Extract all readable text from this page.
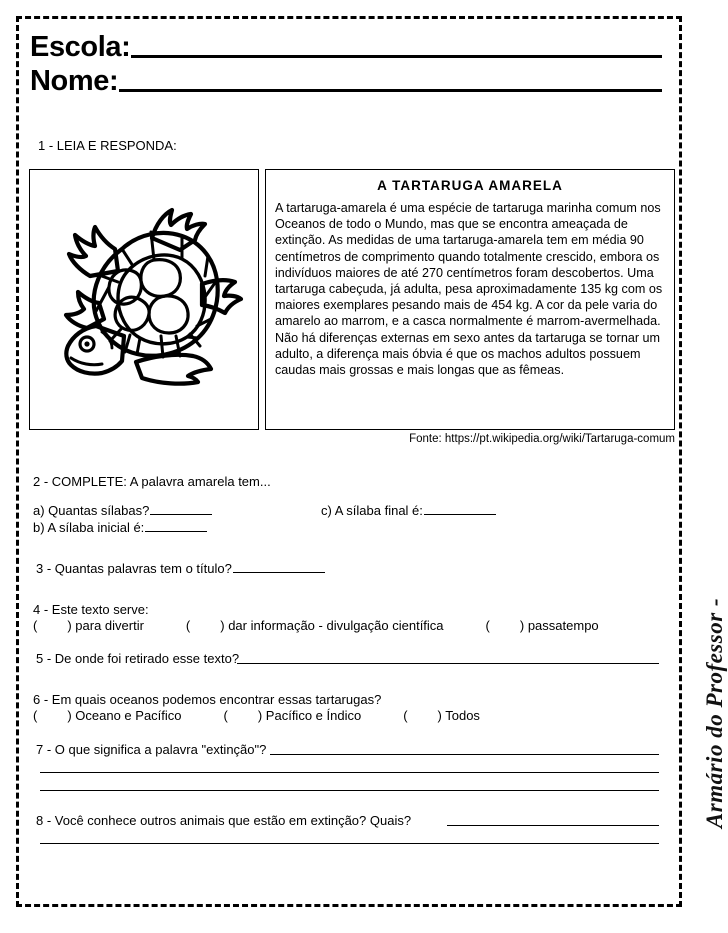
Escola:
Nome:
1 - LEIA E RESPONDA:
A TARTARUGA AMARELA
A tartaruga-amarela é uma espécie de tartaruga marinha comum nos Oceanos de todo o Mundo, mas que se encontra ameaçada de extinção. As medidas de uma tartaruga-amarela tem em média 90 centímetros de comprimento quando totalmente crescido, embora os indivíduos maiores de até 270 centímetros foram descobertos. Uma tartaruga cabeçuda, já adulta, pesa aproximadamente 135 kg com os maiores exemplares pesando mais de 454 kg. A cor da pele varia do amarelo ao marrom, e a casca normalmente é marrom-avermelhada. Não há diferenças externas em sexo antes da tartaruga se tornar um adulto, a diferença mais óbvia é que os machos adultos possuem caudas mais grossas e mais longas que as fêmeas.
Fonte: https://pt.wikipedia.org/wiki/Tartaruga-comum
2 - COMPLETE: A palavra amarela tem...
a) Quantas sílabas?	c) A sílaba final é:
b) A sílaba inicial é:
3 - Quantas palavras tem o título?
4 - Este texto serve:
( ) para divertir	( ) dar informação - divulgação científica	( ) passatempo
5 - De onde foi retirado esse texto?
6 - Em quais oceanos podemos encontrar essas tartarugas?
( ) Oceano e Pacífico	( ) Pacífico e Índico	( ) Todos
7 - O que significa a palavra "extinção"?
8 - Você conhece outros animais que estão em extinção? Quais?	Armário do Professor -
